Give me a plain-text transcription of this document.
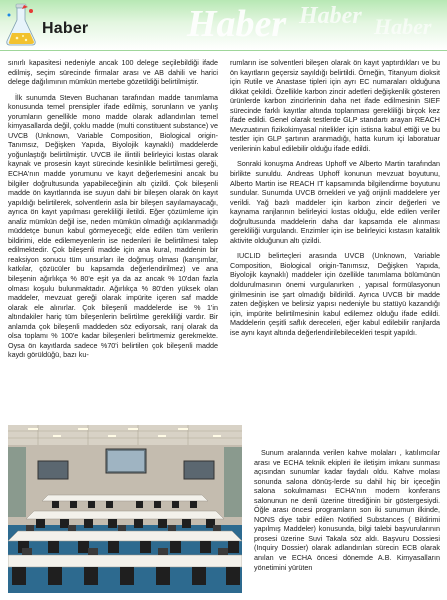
Haber	Haber Haber Haber

sınırlı kapasitesi nedeniyle ancak 100 delege seçilebildiği ifade edilmiş, seçim sürecinde firmalar arası ve AB dahili ve harici delege dağılımının mümkün mertebe gözetildiği belirtilmiştir.

İlk sunumda Steven Buchanan tarafından madde tanımlama konusunda temel prensipler ifade edilmiş, sorunların ve yanlış yorumların genellikle mono madde olarak adlandırılan temel kimyasallarda değil, çoklu madde (multi constituent substance) ve UVCB (Unknown, Variable Composition, Biological origin-Tanımsız, Değişken Yapıda, Biyolojik kaynaklı) maddelerde yoğunlaştığı belirtilmiştir. UVCB ile ilintili belirleyici kıstas olarak kaynak ve prosesin kayıt sürecinde kesinlikle belirtilmesi gereği, ECHA'nın madde yorumunu ve kayıt değerlemesini ancak bu bilgiler doğrultusunda yapabileceğinin altı çizildi. Çok bileşenli madde ön kayıtlarında ise suyun dahi bir bileşen olarak ön kayıt yapıldığı belirtilerek, solventlerin asla bir bileşen sayılamayacağı, ayrıca ön kayıt yapılması gerekliliği iletildi. Eğer çözümleme için analiz mümkün değil ise, neden mümkün olmadığı açıklanmadığı müddetçe bunun kabul görmeyeceği; elde edilen tüm verilerin bildirimi, elde edilemeyenlerin ise nedenleri ile belirtilmesi talep edilmektedir. Çok bileşenli madde için ana kural, maddenin bir reaksiyon sonucu tüm unsurları ile doğmuş olması (karışımlar, katkılar, çözücüler bu kapsamda değerlendirilmez) ve ana bileşenin ağırlıkça % 80'e eşit ya da az ancak % 10'dan fazla olması koşulu bulunmaktadır. Ağırlıkça % 80'den yüksek olan maddeler, mevzuat gereği olarak impürite içeren saf madde olarak ele alınırlar. Çok bileşenli maddelerde ise % 1'in altındakiler hariç tüm bileşenlerin belirtilme gerekliliği vardır. Bir anlamda çok bileşenli maddeden söz ediyorsak, rarıj olarak da olsa toplamı % 100'e kadar bileşenleri belirtmemiz gerekmekte. Oysa ön kayıtlarda sadece %70'i belirtilen çok bileşenli madde kaydı görüldüğü, bazı ku-

rumların ise solventleri bileşen olarak ön kayıt yaptırdıkları ve bu ön kayıtların geçersiz sayıldığı belirtildi. Örneğin, Titanyum dioksit için Rutile ve Anastase tipleri için ayrı EC numaraları olduğuna dikkat çekildi. Özellikle karbon zincir adetleri değişkenlik gösteren ürünlerde karbon zincirlerinin daha net ifade edilmesinin SIEF sürecinde farklı kayıtlar altında toplanması gerekliliği birçok kez ifade edildi. Genel olarak testlerde GLP standartı arayan REACH Mevzuatının fizikokimyasal nitelikler için istisna kabul ettiği ve bu testler için GLP şartının aranmadığı, hatta kurum içi laboratuar verilerinin kabul edilebilir olduğu ifade edildi.

Sonraki konuşma Andreas Uphoff ve Alberto Martin tarafından birlikte sunuldu. Andreas Uphoff konunun mevzuat boyutunu, Alberto Martin ise REACH IT kapsamında bilgilendirme boyutunu sundular. Sunumda UVCB örnekleri ve yağ orijinli maddelere yer verildi. Yağ bazlı maddeler için karbon zincir değerleri ve kaynama ranjlarının belirleyici kıstas olduğu, elde edilen veriler doğrultusunda maddelerin daha dar kapsamda ele alınması gerekliliği vurgulandı. Enzimler için ise belirleyici kıstasın katalitik aktivite olduğunun altı çizildi.

IUCLID belirteçleri arasında UVCB (Unknown, Variable Composition, Biological origin-Tanımsız, Değişken Yapıda, Biyolojik kaynaklı) maddeler için özellikle tanımlama bölümünün doldurulmasının önemi vurgulanırken , yapısal formülasyonun girilmesinin ise şart olmadığı bildirildi. Ayrıca UVCB bir madde zaten değişken ve belirsiz yapısı nedeniyle bu statüyü kazandığı için, impürite belirtilmesinin kabul edilemez olduğu ifade edildi. Maddelerin çeşitli saflık dereceleri, eğer kabul edilebilir ranjlarda ise aynı kayıt altında değerlendirilebilecekleri tespit yapıldı.

Sunum aralarında verilen kahve molaları , katılımcılar arası ve ECHA teknik ekipleri ile iletişim imkanı sunması açısından sunumlar kadar faydalı oldu. Kahve molası sonunda salona dönüş-lerde su dahil hiç bir içeceğin salona sokulmaması ECHA'nın modern konferans salonunun ne denli üzerine titrediğinin bir göstergesiydi. Öğle arası öncesi programların son iki sunumun ilkinde, NONS diye tabir edilen Notified Substances ( Bildirimi yapılmış Maddeler) konusunda, bilgi talebi başvurularının prosesi üzerine Suvi Takala söz aldı. Başvuru Dossiesi (Inquiry Dossier) olarak adlandırılan sürecin ECB olarak anılan ve ECHA öncesi dönemde A.B. Kimyasalların yönetimini yürüten
